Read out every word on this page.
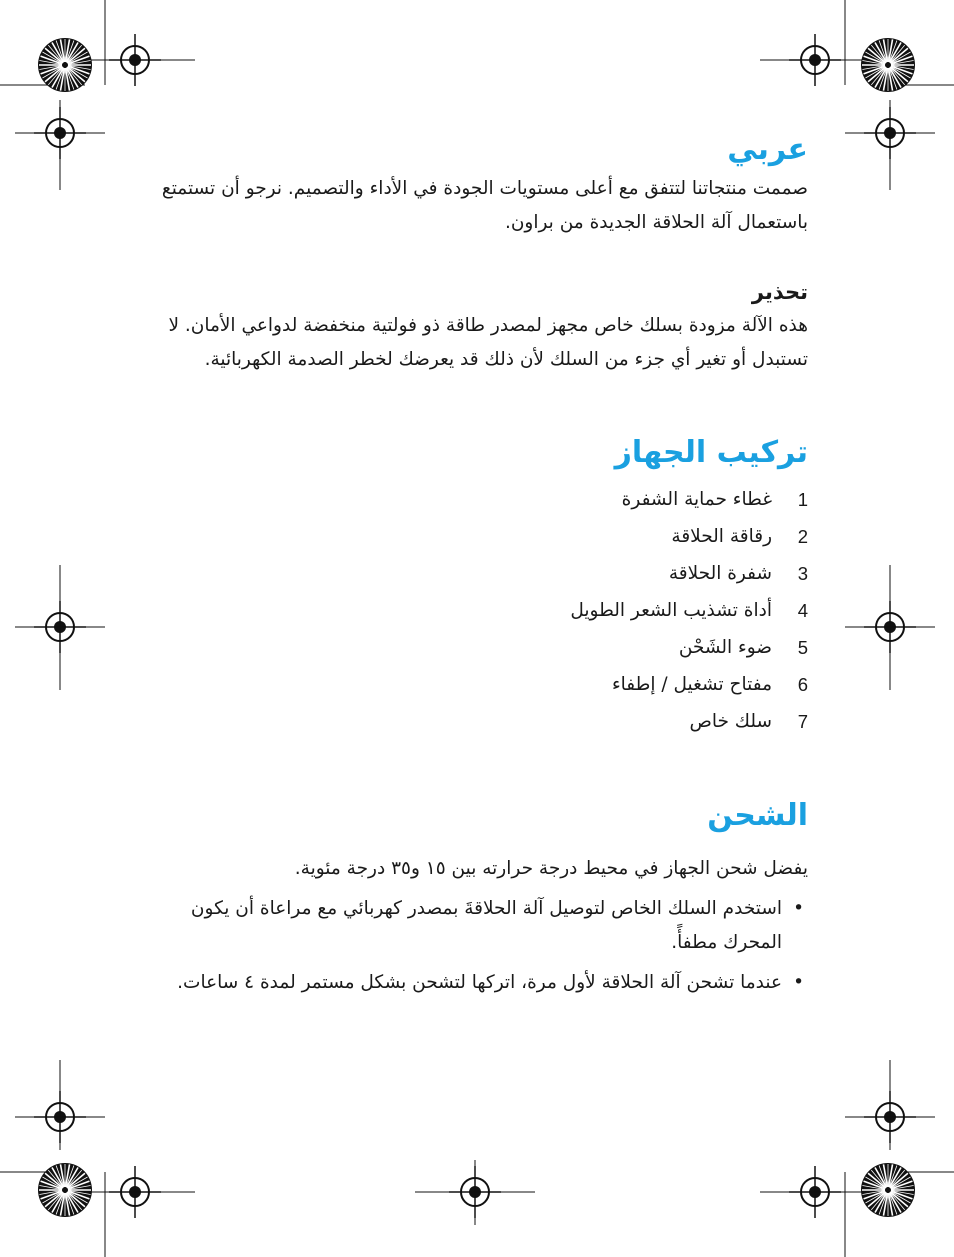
عربي

صممت منتجاتنا لتتفق مع أعلى مستويات الجودة في الأداء والتصميم. نرجو أن تستمتع باستعمال آلة الحلاقة الجديدة من براون.

تحذير

هذه الآلة مزودة بسلك خاص مجهز لمصدر طاقة ذو فولتية منخفضة لدواعي الأمان. لا تستبدل أو تغير أي جزء من السلك لأن ذلك قد يعرضك لخطر الصدمة الكهربائية.

تركيب الجهاز
1
غطاء حماية الشفرة
2
رقاقة الحلاقة
3
شفرة الحلاقة
4
أداة تشذيب الشعر الطويل
5
ضوء الشَحْن
6
مفتاح تشغيل / إطفاء
7
سلك خاص
الشحن

يفضل شحن الجهاز في محيط درجة حرارته بين ١٥ و٣٥ درجة مئوية.

•
استخدم السلك الخاص لتوصيل آلة الحلاقةَ بمصدر كهربائي مع مراعاة أن يكون المحرك مطفأً.
•
عندما تشحن آلة الحلاقة لأول مرة، اتركها لتشحن بشكل مستمر لمدة ٤ ساعات.
